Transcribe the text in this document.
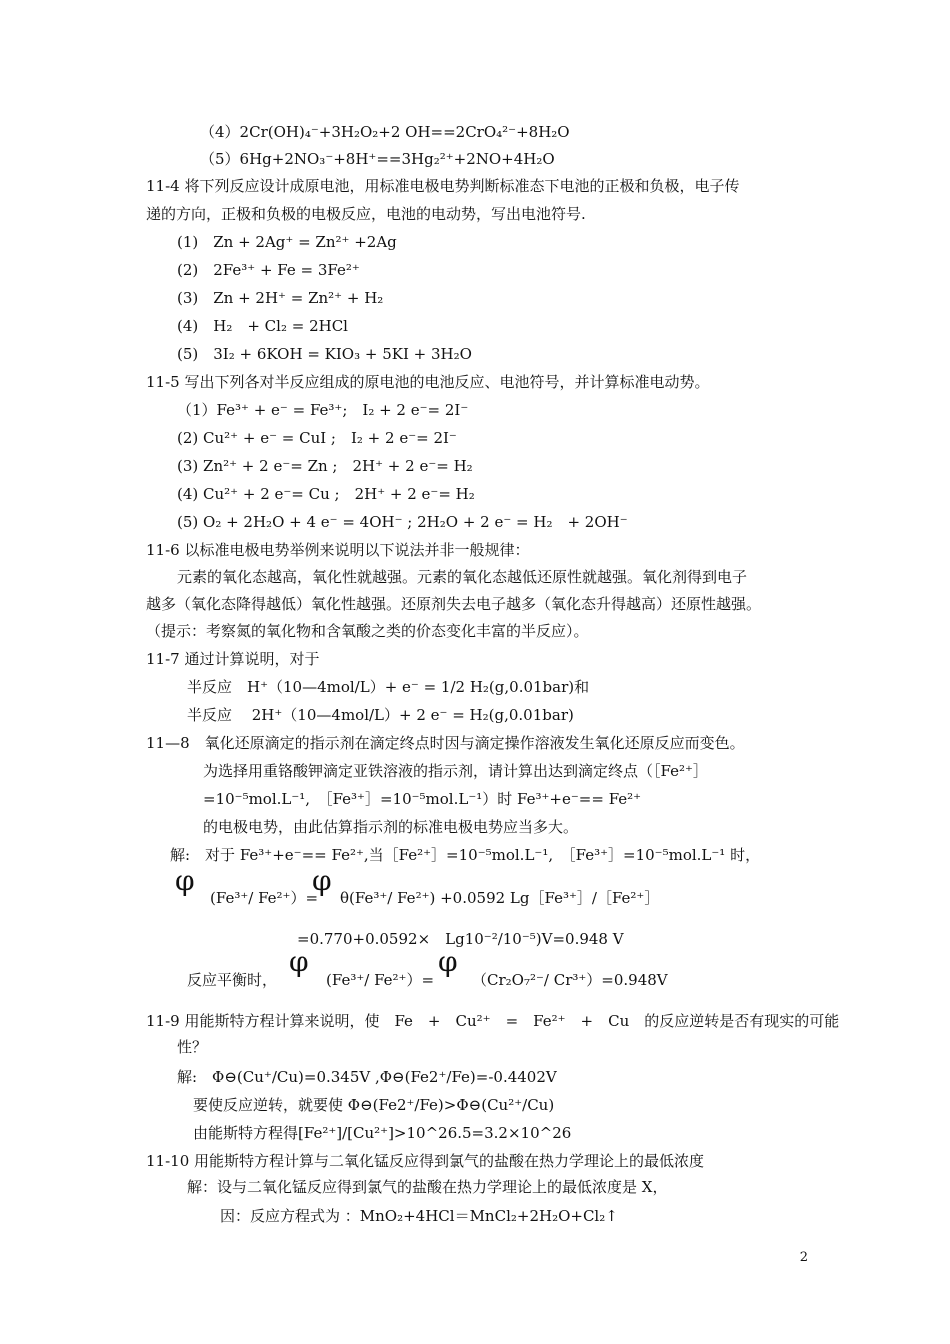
（4）2Cr(OH)₄⁻+3H₂O₂+2 OH==2CrO₄²⁻+8H₂O
（5）6Hg+2NO₃⁻+8H⁺==3Hg₂²⁺+2NO+4H₂O
11-4 将下列反应设计成原电池，用标准电极电势判断标准态下电池的正极和负极，电子传
递的方向，正极和负极的电极反应，电池的电动势，写出电池符号.
(1)　Zn + 2Ag⁺ = Zn²⁺ +2Ag
(2)　2Fe³⁺ + Fe = 3Fe²⁺
(3)　Zn + 2H⁺ = Zn²⁺ + H₂
(4)　H₂　+ Cl₂ = 2HCl
(5)　3I₂ + 6KOH = KIO₃ + 5KI + 3H₂O
11-5 写出下列各对半反应组成的原电池的电池反应、电池符号，并计算标准电动势。
（1）Fe³⁺ + e⁻ = Fe³⁺;　I₂ + 2 e⁻= 2I⁻
(2) Cu²⁺ + e⁻ = CuI ;　I₂ + 2 e⁻= 2I⁻
(3) Zn²⁺ + 2 e⁻= Zn ;　2H⁺ + 2 e⁻= H₂
(4) Cu²⁺ + 2 e⁻= Cu ;　2H⁺ + 2 e⁻= H₂
(5) O₂ + 2H₂O + 4 e⁻ = 4OH⁻ ; 2H₂O + 2 e⁻ = H₂　+ 2OH⁻
11-6 以标准电极电势举例来说明以下说法并非一般规律：
元素的氧化态越高，氧化性就越强。元素的氧化态越低还原性就越强。氧化剂得到电子
越多（氧化态降得越低）氧化性越强。还原剂失去电子越多（氧化态升得越高）还原性越强。
（提示：考察氮的氧化物和含氧酸之类的价态变化丰富的半反应）。
11-7 通过计算说明，对于
半反应　H⁺（10—4mol/L）+ e⁻ = 1/2 H₂(g,0.01bar)和
半反应　 2H⁺（10—4mol/L）+ 2 e⁻ = H₂(g,0.01bar)
11—8　氧化还原滴定的指示剂在滴定终点时因与滴定操作溶液发生氧化还原反应而变色。
为选择用重铬酸钾滴定亚铁溶液的指示剂，请计算出达到滴定终点（［Fe²⁺］
=10⁻⁵mol.L⁻¹,　［Fe³⁺］=10⁻⁵mol.L⁻¹）时 Fe³⁺+e⁻== Fe²⁺
的电极电势，由此估算指示剂的标准电极电势应当多大。
解:　对于 Fe³⁺+e⁻== Fe²⁺,当［Fe²⁺］=10⁻⁵mol.L⁻¹,　［Fe³⁺］=10⁻⁵mol.L⁻¹ 时，
φ	φ
(Fe³⁺/ Fe²⁺）= θ(Fe³⁺/ Fe²⁺) +0.0592 Lg［Fe³⁺］/［Fe²⁺］
=0.770+0.0592×　Lg10⁻²/10⁻⁵)V=0.948 V
φ	φ
反应平衡时，	(Fe³⁺/ Fe²⁺）=	（Cr₂O₇²⁻/ Cr³⁺）=0.948V
11-9 用能斯特方程计算来说明，使　Fe　+　Cu²⁺　=　Fe²⁺　+　Cu　的反应逆转是否有现实的可能
性？
解:　Φ⊖(Cu⁺/Cu)=0.345V ,Φ⊖(Fe2⁺/Fe)=-0.4402V
要使反应逆转，就要使 Φ⊖(Fe2⁺/Fe)>Φ⊖(Cu²⁺/Cu)
由能斯特方程得[Fe²⁺]/[Cu²⁺]>10^26.5=3.2×10^26
11-10 用能斯特方程计算与二氧化锰反应得到氯气的盐酸在热力学理论上的最低浓度
解：设与二氧化锰反应得到氯气的盐酸在热力学理论上的最低浓度是 X，
因：反应方程式为 ：MnO₂+4HCl＝MnCl₂+2H₂O+Cl₂↑
2
